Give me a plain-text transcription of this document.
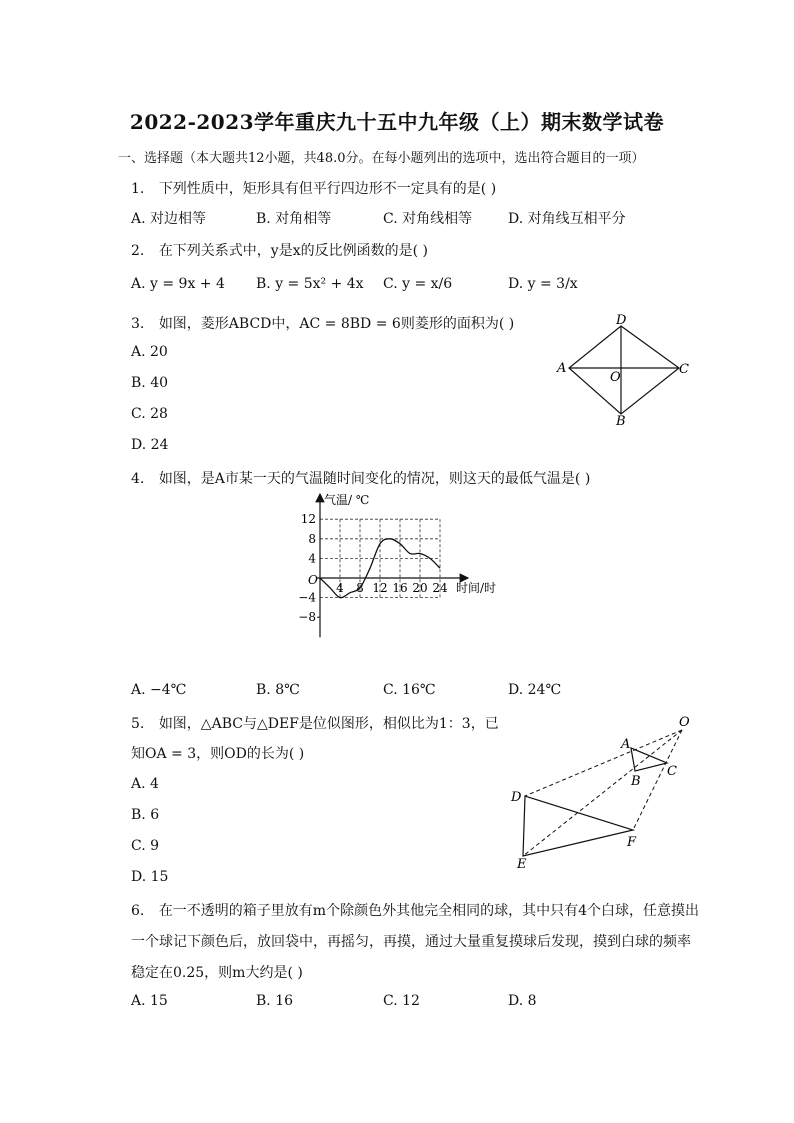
2022-2023学年重庆九十五中九年级（上）期末数学试卷
一、选择题（本大题共12小题，共48.0分。在每小题列出的选项中，选出符合题目的一项）
1. 下列性质中，矩形具有但平行四边形不一定具有的是( )
A. 对边相等	B. 对角相等	C. 对角线相等	D. 对角线互相平分
2. 在下列关系式中，y是x的反比例函数的是( )
A. y = 9x + 4 B. y = 5x² + 4x C. y = x/6	D. y = 3/x
3. 如图，菱形ABCD中，AC = 8BD = 6则菱形的面积为( )
A. 20
B. 40
C. 28
D. 24
D
A
O
C
B
4. 如图，是A市某一天的气温随时间变化的情况，则这天的最低气温是( )
气温/ ℃
时间/时
O
12
8
4
−4
−8
4 8 12 16 20 24
A. −4℃	B. 8℃	C. 16℃	D. 24℃
5. 如图，△ABC与△DEF是位似图形，相似比为1：3，已
知OA = 3，则OD的长为( )
A. 4
B. 6
C. 9
D. 15
O
A
B
C
D
E
F
6. 在一不透明的箱子里放有m个除颜色外其他完全相同的球，其中只有4个白球，任意摸出
一个球记下颜色后，放回袋中，再摇匀，再摸，通过大量重复摸球后发现，摸到白球的频率
稳定在0.25，则m大约是( )
A. 15	B. 16	C. 12	D. 8
